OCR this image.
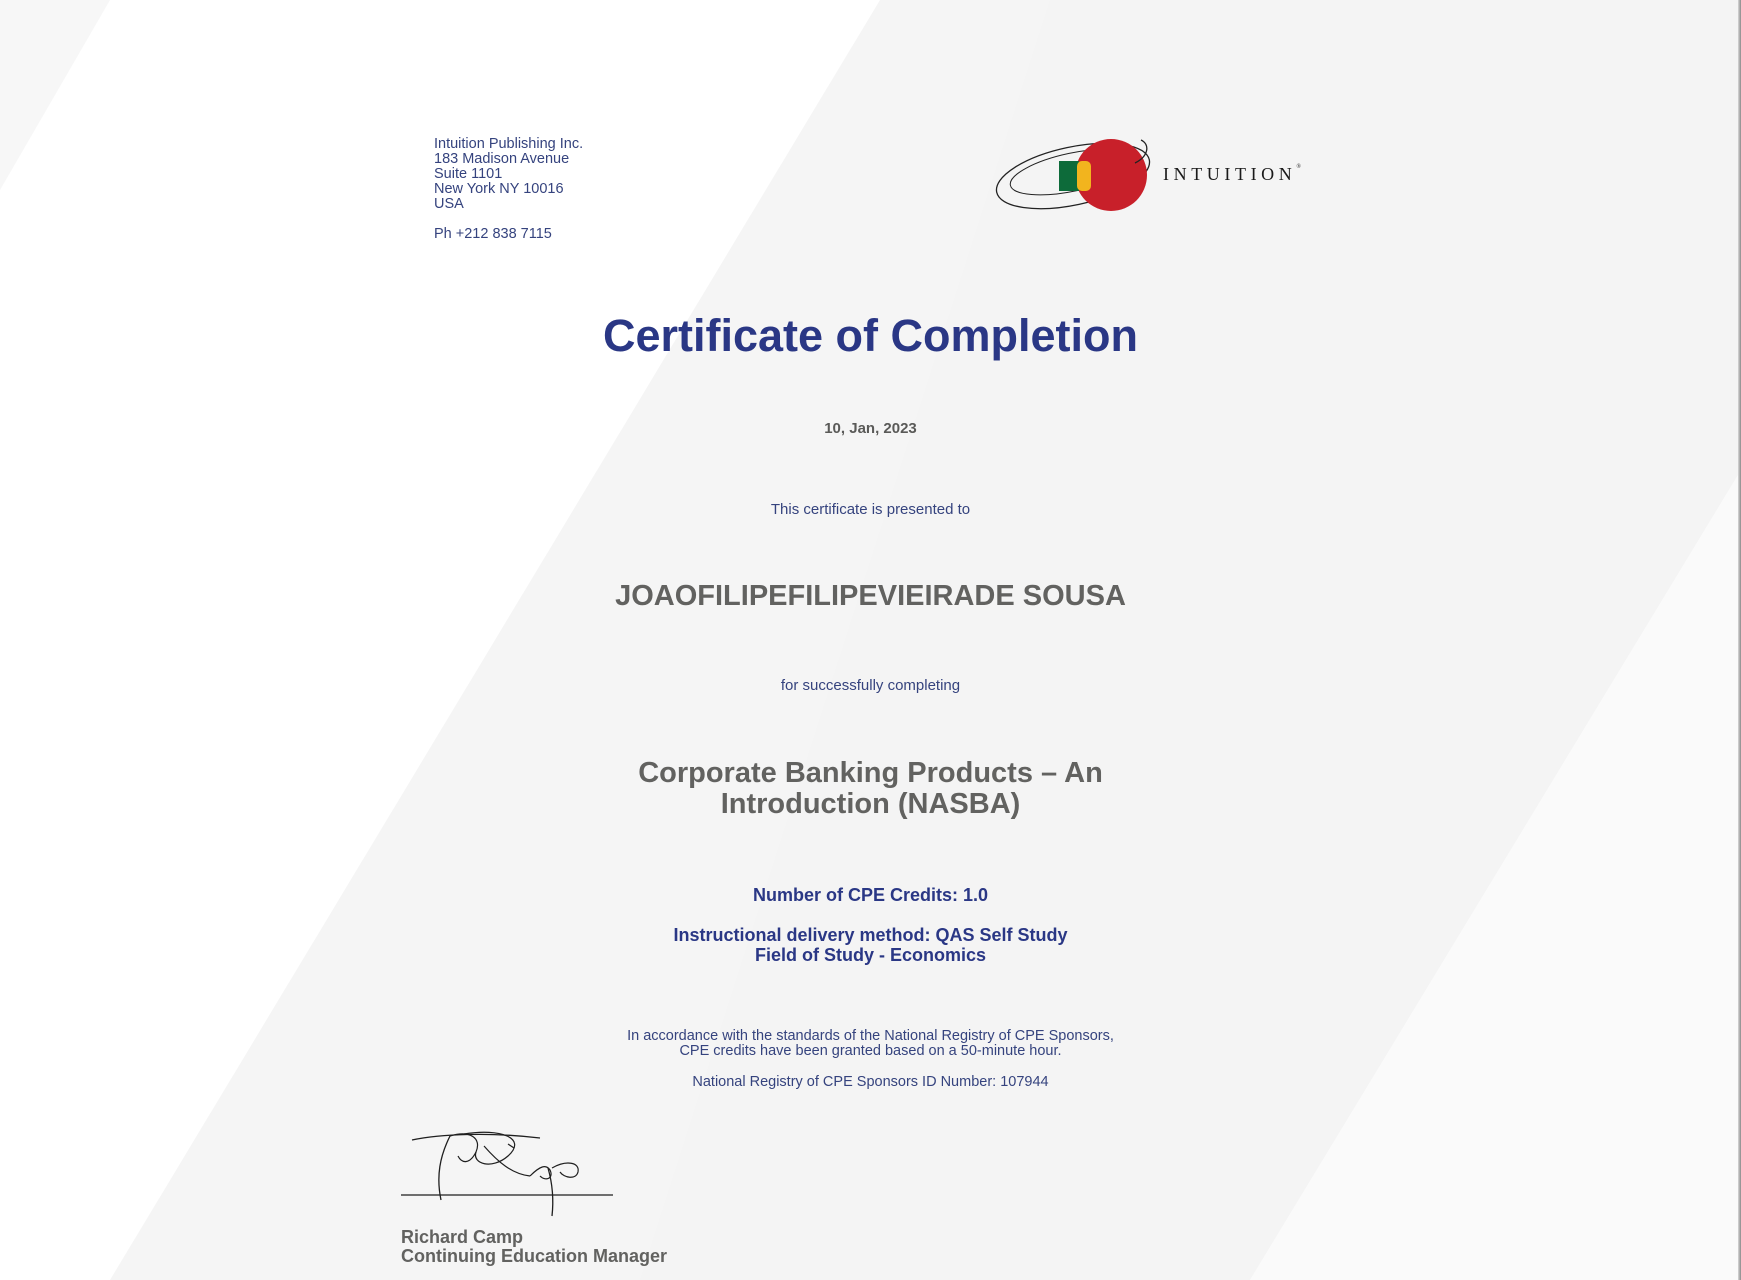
Intuition Publishing Inc.
183 Madison Avenue
Suite 1101
New York NY 10016
USA
Ph +212 838 7115
INTUITION®
Certificate of Completion
10, Jan, 2023
This certificate is presented to
JOAOFILIPEFILIPEVIEIRADE SOUSA
for successfully completing
Corporate Banking Products – An
Introduction (NASBA)
Number of CPE Credits: 1.0
Instructional delivery method: QAS Self Study
Field of Study - Economics
In accordance with the standards of the National Registry of CPE Sponsors,
CPE credits have been granted based on a 50-minute hour.
National Registry of CPE Sponsors ID Number: 107944
Richard Camp
Continuing Education Manager
